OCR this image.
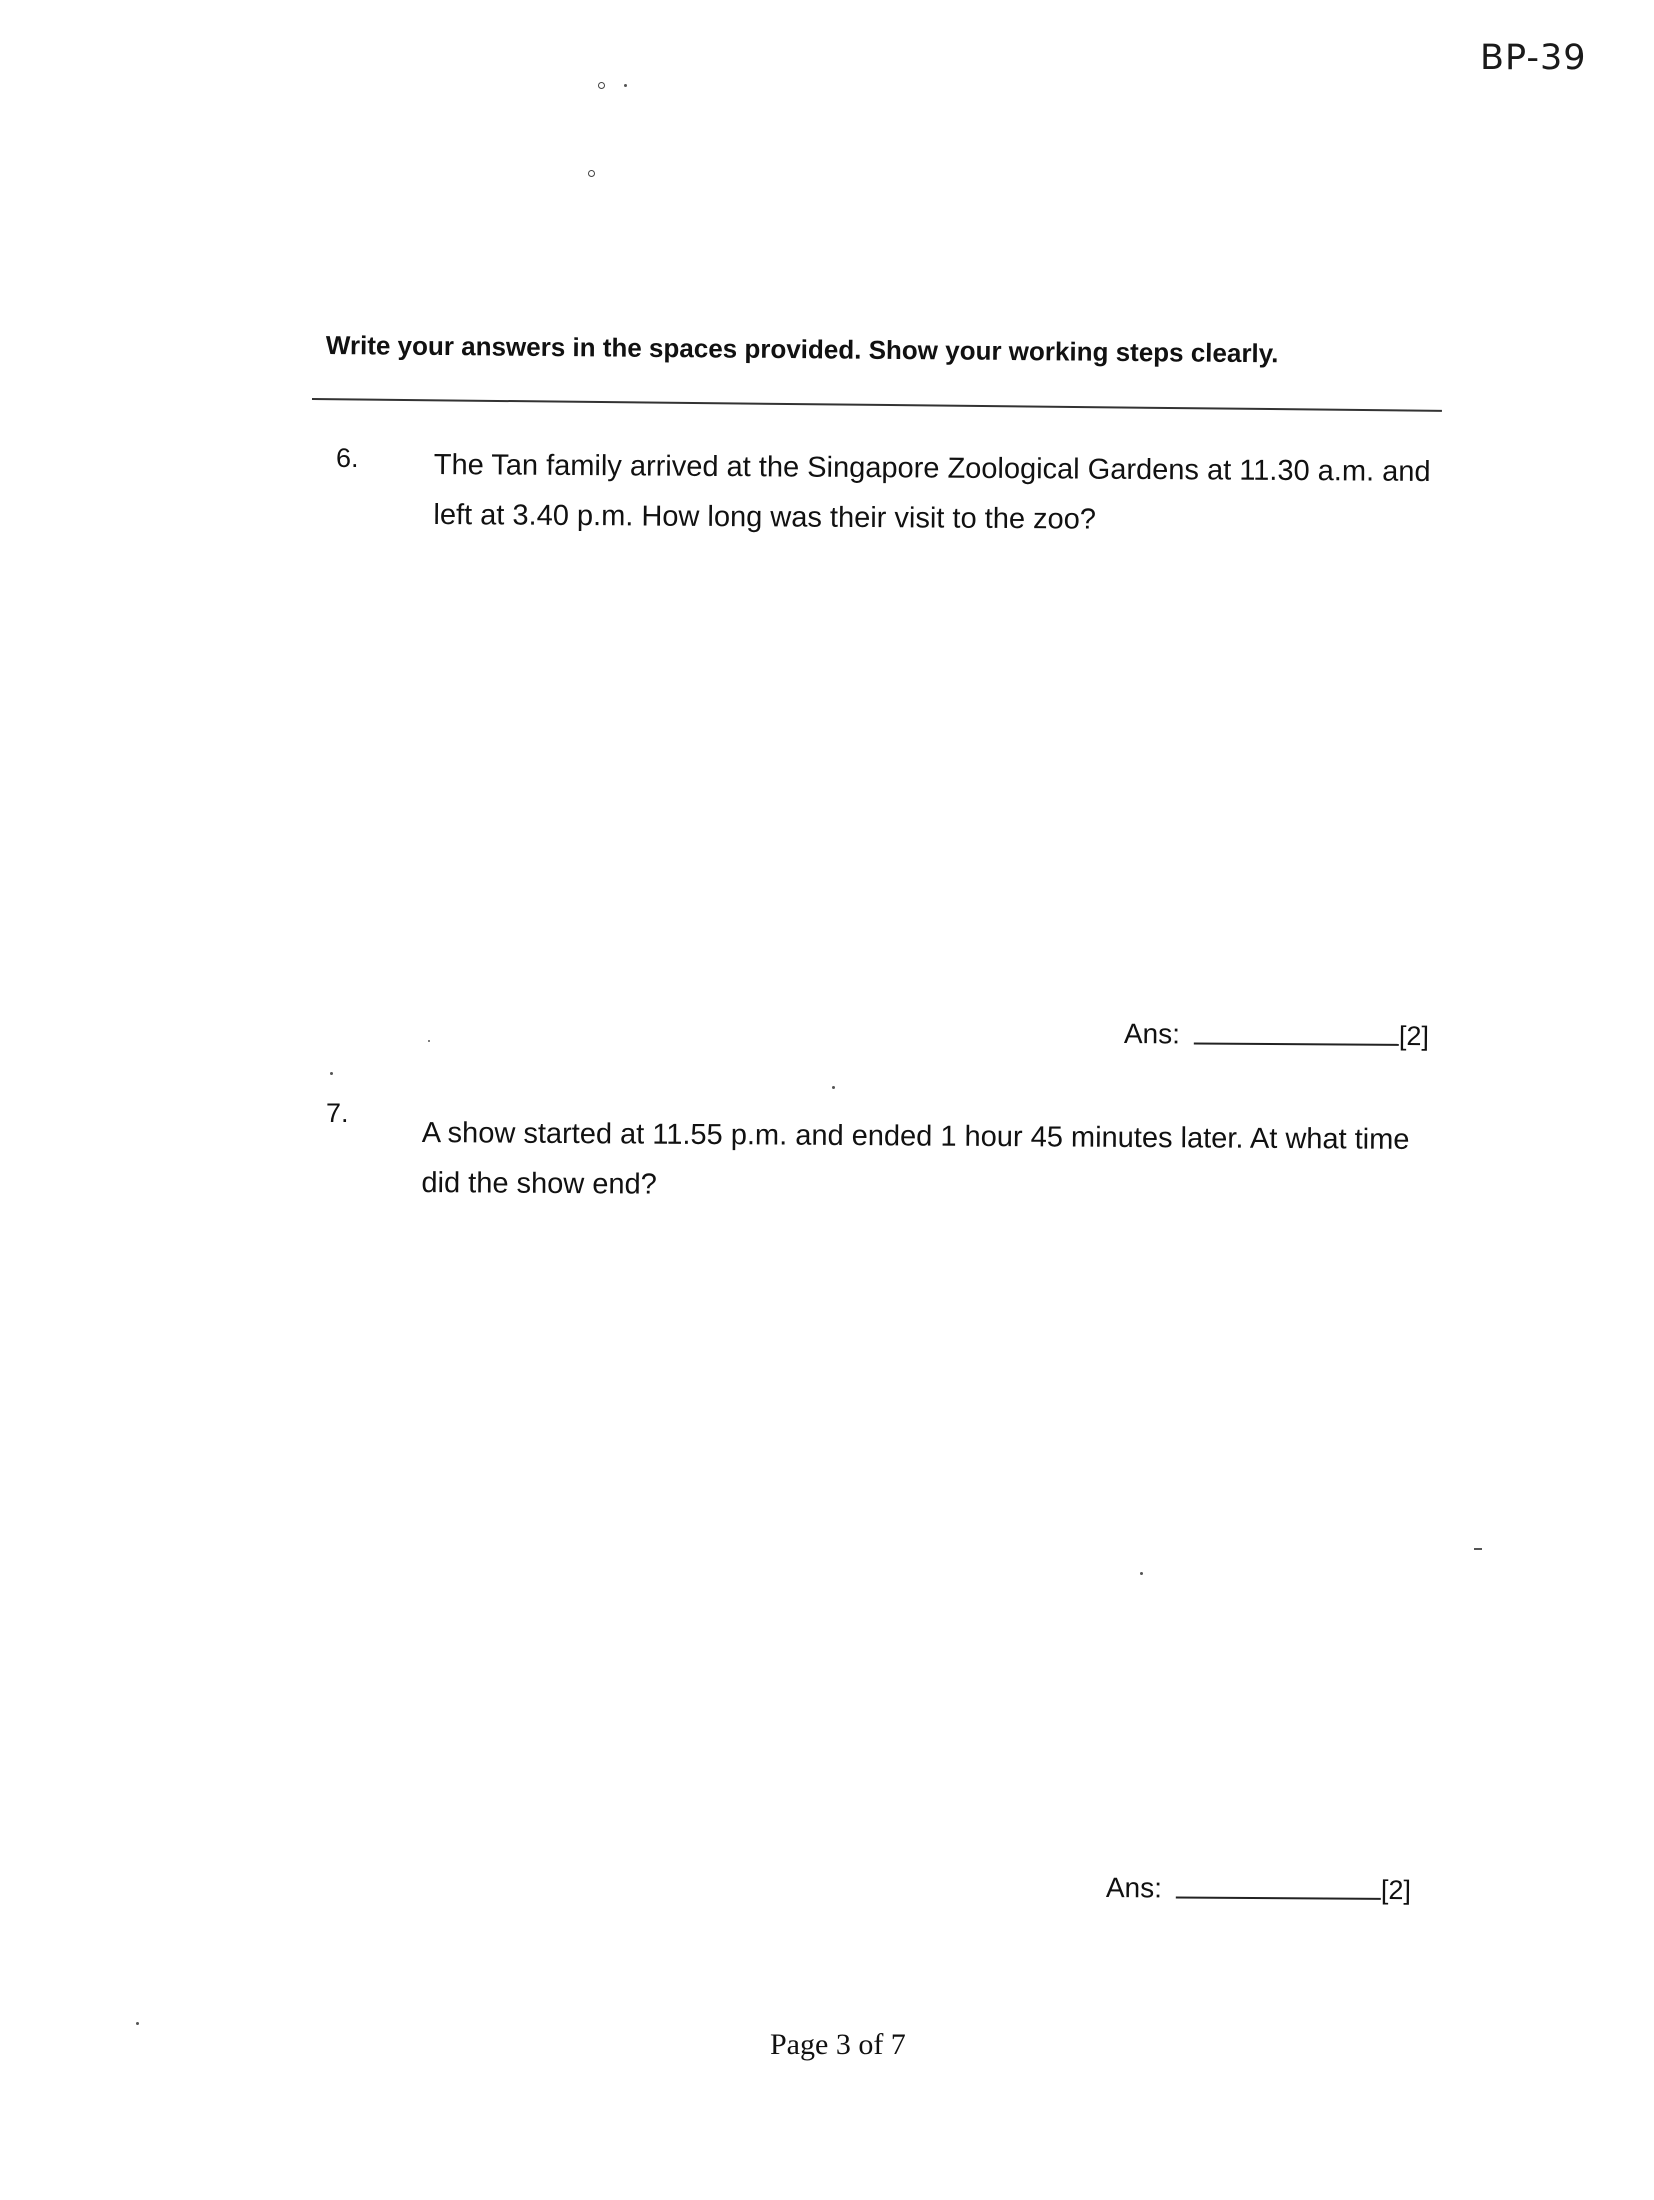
BP-39
Write your answers in the spaces provided. Show your working steps clearly.
6.	The Tan family arrived at the Singapore Zoological Gardens at 11.30 a.m. and left at 3.40 p.m. How long was their visit to the zoo?
Ans:	[2]
7.
A show started at 11.55 p.m. and ended 1 hour 45 minutes later. At what time did the show end?
Ans:	[2]
Page 3 of 7
